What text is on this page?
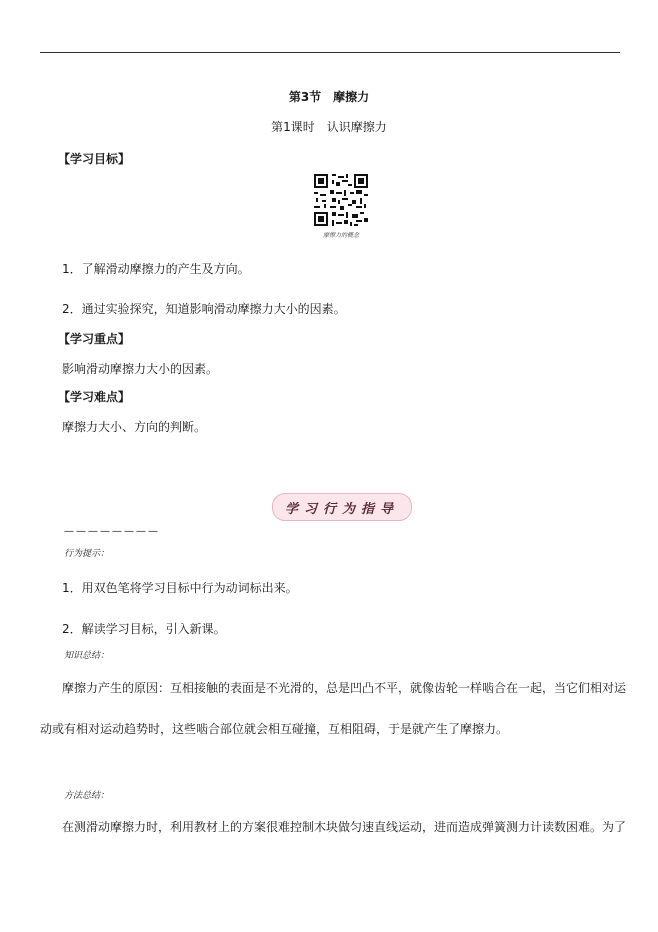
第3节　摩擦力
第1课时　认识摩擦力
【学习目标】
摩擦力的概念
1．了解滑动摩擦力的产生及方向。
2．通过实验探究，知道影响滑动摩擦力大小的因素。
【学习重点】
影响滑动摩擦力大小的因素。
【学习难点】
摩擦力大小、方向的判断。
学习行为指导
————————
行为提示：
1．用双色笔将学习目标中行为动词标出来。
2．解读学习目标，引入新课。
知识总结：
摩擦力产生的原因：互相接触的表面是不光滑的，总是凹凸不平，就像齿轮一样啮合在一起，当它们相对运
动或有相对运动趋势时，这些啮合部位就会相互碰撞，互相阻碍，于是就产生了摩擦力。
方法总结：
在测滑动摩擦力时，利用教材上的方案很难控制木块做匀速直线运动，进而造成弹簧测力计读数困难。为了
